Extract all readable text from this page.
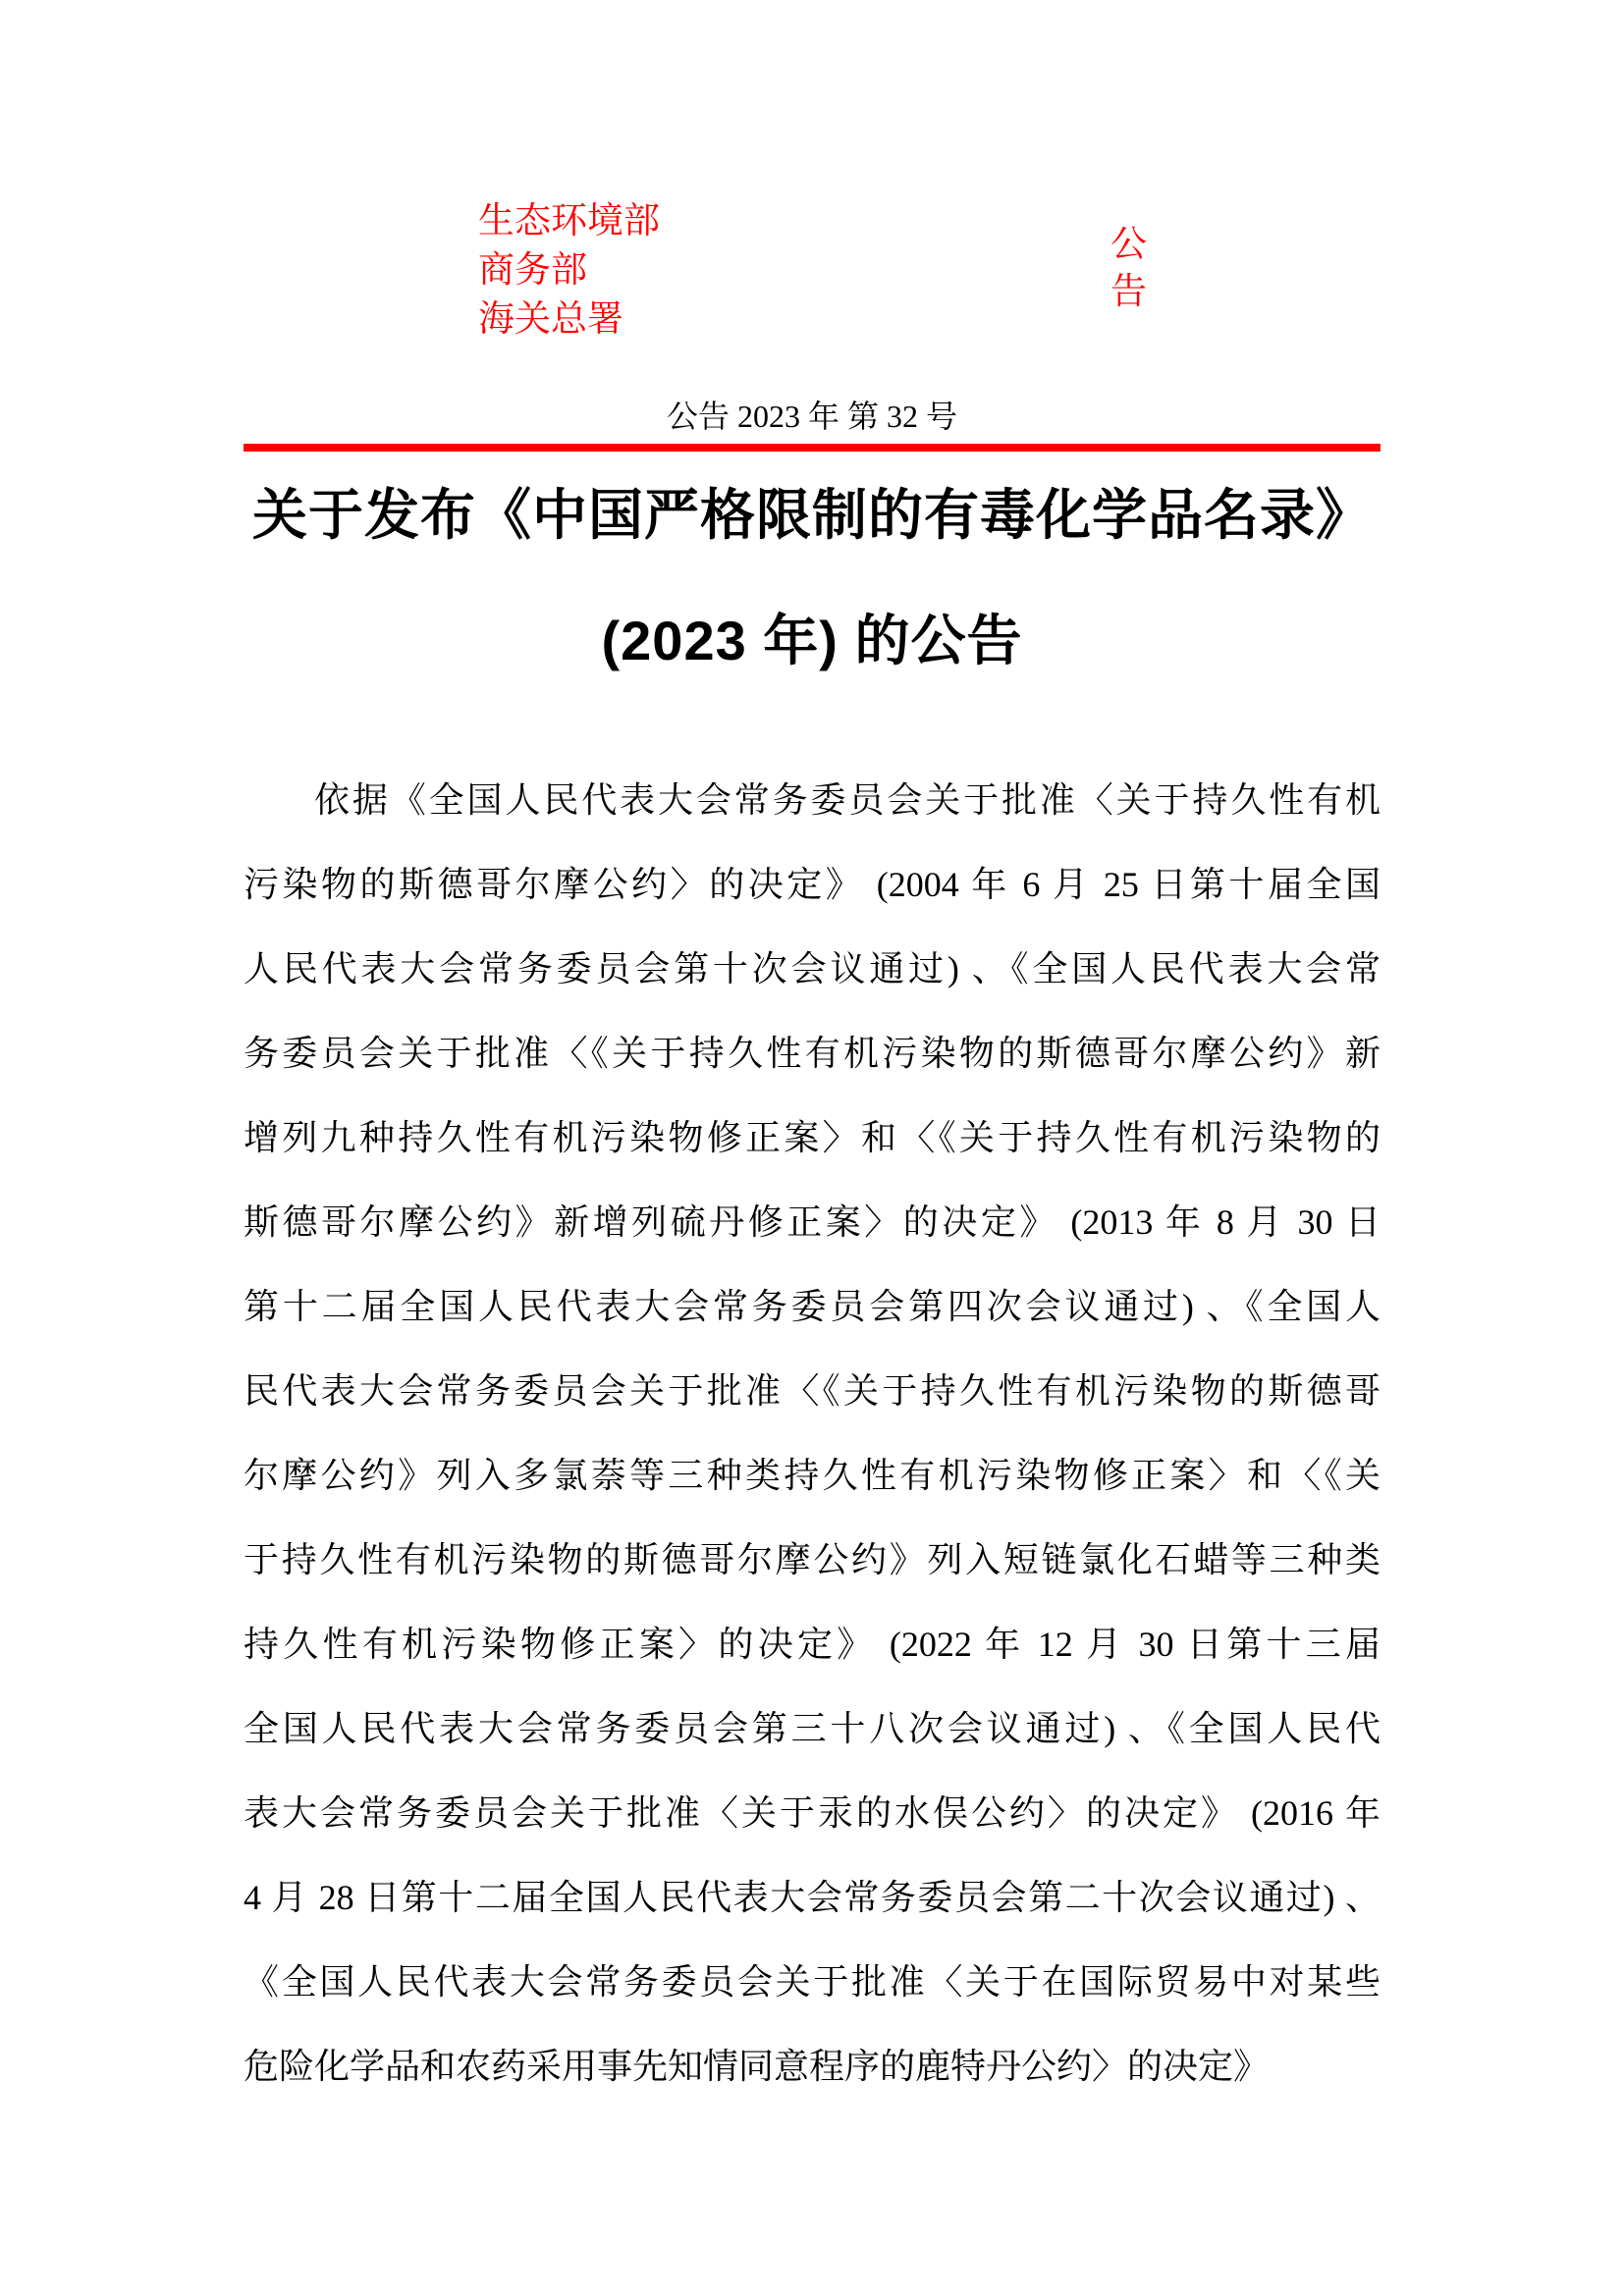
生态环境部
商务部
海关总署
公告
公告 2023 年 第 32 号
关于发布《中国严格限制的有毒化学品名录》
(2023 年) 的公告
依据《全国人民代表大会常务委员会关于批准〈关于持久性有机
污染物的斯德哥尔摩公约〉的决定》 (2004 年 6 月 25 日第十届全国
人民代表大会常务委员会第十次会议通过) 、《全国人民代表大会常
务委员会关于批准〈《关于持久性有机污染物的斯德哥尔摩公约》新
增列九种持久性有机污染物修正案〉和〈《关于持久性有机污染物的
斯德哥尔摩公约》新增列硫丹修正案〉的决定》 (2013 年 8 月 30 日
第十二届全国人民代表大会常务委员会第四次会议通过) 、《全国人
民代表大会常务委员会关于批准〈《关于持久性有机污染物的斯德哥
尔摩公约》列入多氯萘等三种类持久性有机污染物修正案〉和〈《关
于持久性有机污染物的斯德哥尔摩公约》列入短链氯化石蜡等三种类
持久性有机污染物修正案〉的决定》 (2022 年 12 月 30 日第十三届
全国人民代表大会常务委员会第三十八次会议通过) 、《全国人民代
表大会常务委员会关于批准〈关于汞的水俣公约〉的决定》 (2016 年
4 月 28 日第十二届全国人民代表大会常务委员会第二十次会议通过) 、
《全国人民代表大会常务委员会关于批准〈关于在国际贸易中对某些
危险化学品和农药采用事先知情同意程序的鹿特丹公约〉的决定》
